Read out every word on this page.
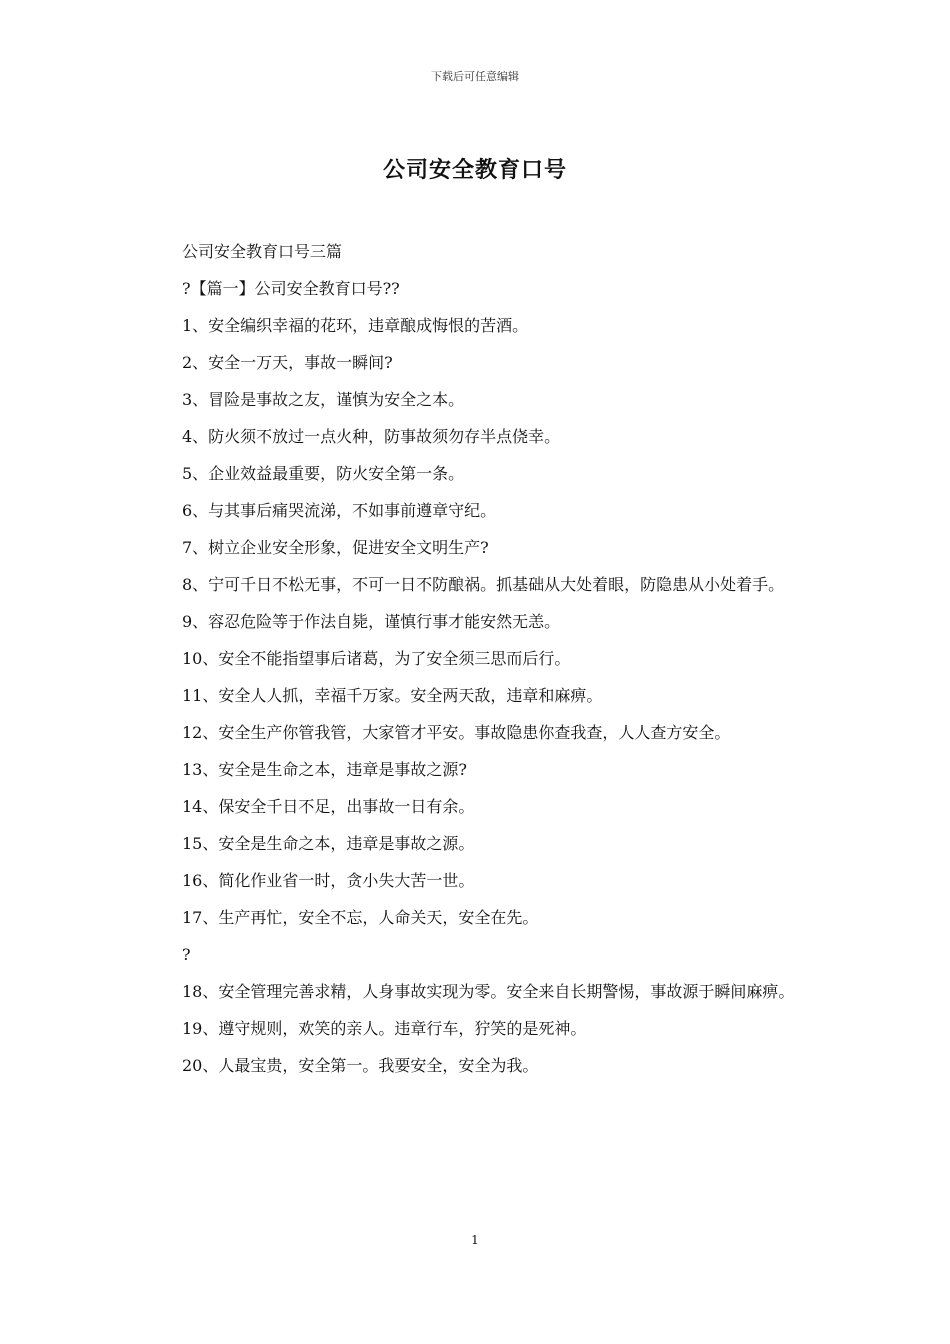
下载后可任意编辑
公司安全教育口号

公司安全教育口号三篇

?【篇一】公司安全教育口号??

1、安全编织幸福的花环，违章酿成悔恨的苦酒。

2、安全一万天，事故一瞬间?

3、冒险是事故之友，谨慎为安全之本。

4、防火须不放过一点火种，防事故须勿存半点侥幸。

5、企业效益最重要，防火安全第一条。

6、与其事后痛哭流涕，不如事前遵章守纪。

7、树立企业安全形象，促进安全文明生产?

8、宁可千日不松无事，不可一日不防酿祸。抓基础从大处着眼，防隐患从小处着手。

9、容忍危险等于作法自毙，谨慎行事才能安然无恙。

10、安全不能指望事后诸葛，为了安全须三思而后行。

11、安全人人抓，幸福千万家。安全两天敌，违章和麻痹。

12、安全生产你管我管，大家管才平安。事故隐患你查我查，人人查方安全。

13、安全是生命之本，违章是事故之源?

14、保安全千日不足，出事故一日有余。

15、安全是生命之本，违章是事故之源。

16、简化作业省一时，贪小失大苦一世。

17、生产再忙，安全不忘，人命关天，安全在先。

?

18、安全管理完善求精，人身事故实现为零。安全来自长期警惕，事故源于瞬间麻痹。

19、遵守规则，欢笑的亲人。违章行车，狞笑的是死神。

20、人最宝贵，安全第一。我要安全，安全为我。

1
